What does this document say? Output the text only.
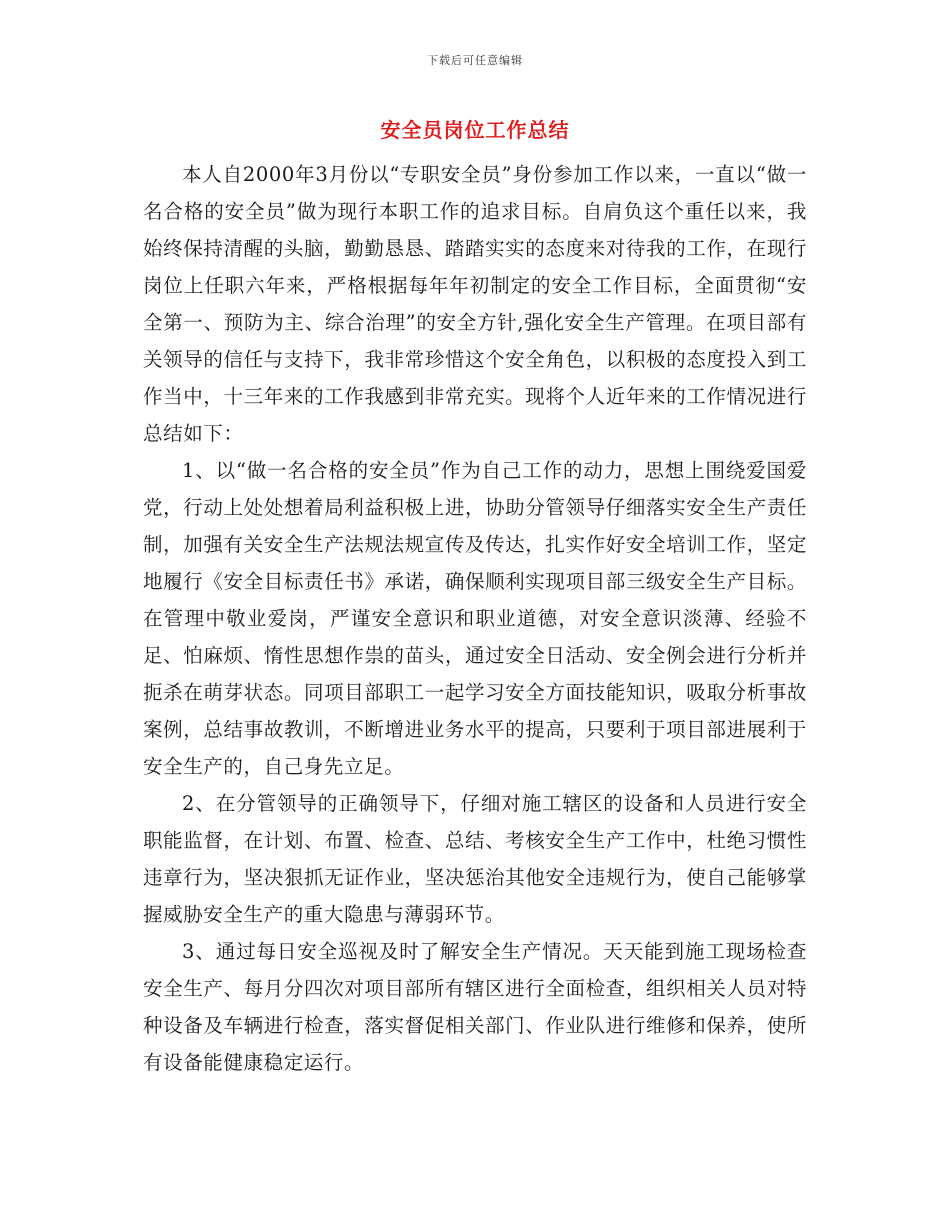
下载后可任意编辑
安全员岗位工作总结

本人自2000年3月份以“专职安全员”身份参加工作以来，一直以“做一名合格的安全员”做为现行本职工作的追求目标。自肩负这个重任以来，我始终保持清醒的头脑，勤勤恳恳、踏踏实实的态度来对待我的工作，在现行岗位上任职六年来，严格根据每年年初制定的安全工作目标，全面贯彻“安全第一、预防为主、综合治理”的安全方针,强化安全生产管理。在项目部有关领导的信任与支持下，我非常珍惜这个安全角色，以积极的态度投入到工作当中，十三年来的工作我感到非常充实。现将个人近年来的工作情况进行总结如下：

1、以“做一名合格的安全员”作为自己工作的动力，思想上围绕爱国爱党，行动上处处想着局利益积极上进，协助分管领导仔细落实安全生产责任制，加强有关安全生产法规法规宣传及传达，扎实作好安全培训工作，坚定地履行《安全目标责任书》承诺，确保顺利实现项目部三级安全生产目标。在管理中敬业爱岗，严谨安全意识和职业道德，对安全意识淡薄、经验不足、怕麻烦、惰性思想作祟的苗头，通过安全日活动、安全例会进行分析并扼杀在萌芽状态。同项目部职工一起学习安全方面技能知识，吸取分析事故案例，总结事故教训，不断增进业务水平的提高，只要利于项目部进展利于安全生产的，自己身先立足。

2、在分管领导的正确领导下，仔细对施工辖区的设备和人员进行安全职能监督，在计划、布置、检查、总结、考核安全生产工作中，杜绝习惯性违章行为，坚决狠抓无证作业，坚决惩治其他安全违规行为，使自己能够掌握威胁安全生产的重大隐患与薄弱环节。

3、通过每日安全巡视及时了解安全生产情况。天天能到施工现场检查安全生产、每月分四次对项目部所有辖区进行全面检查，组织相关人员对特种设备及车辆进行检查，落实督促相关部门、作业队进行维修和保养，使所有设备能健康稳定运行。
